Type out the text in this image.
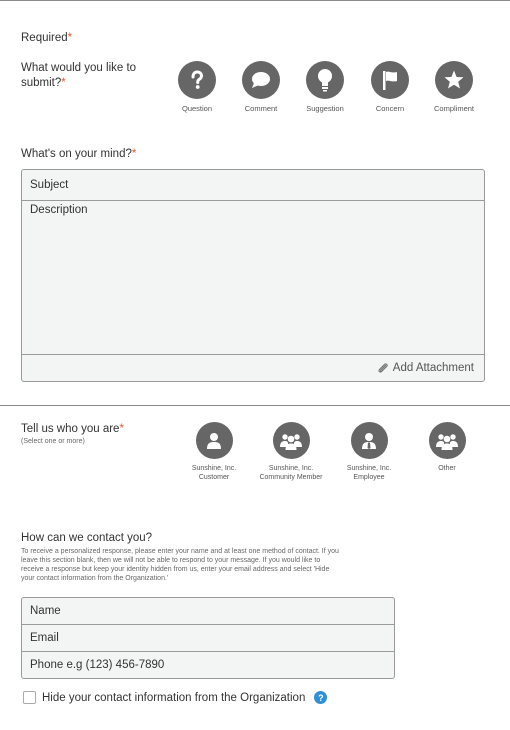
Required*
What would you like to
submit?*
Question	Comment	Suggestion	Concern	Compliment
What's on your mind?*
Subject
Description
Add Attachment
Tell us who you are*
(Select one or more)
Sunshine, Inc.
Customer
Sunshine, Inc.
Community Member
Sunshine, Inc.
Employee
Other
How can we contact you?
To receive a personalized response, please enter your name and at least one method of contact. If you
leave this section blank, then we will not be able to respond to your message. If you would like to
receive a response but keep your identity hidden from us, enter your email address and select 'Hide
your contact information from the Organization.'
Name
Email
Phone e.g (123) 456-7890
Hide your contact information from the Organization	?
